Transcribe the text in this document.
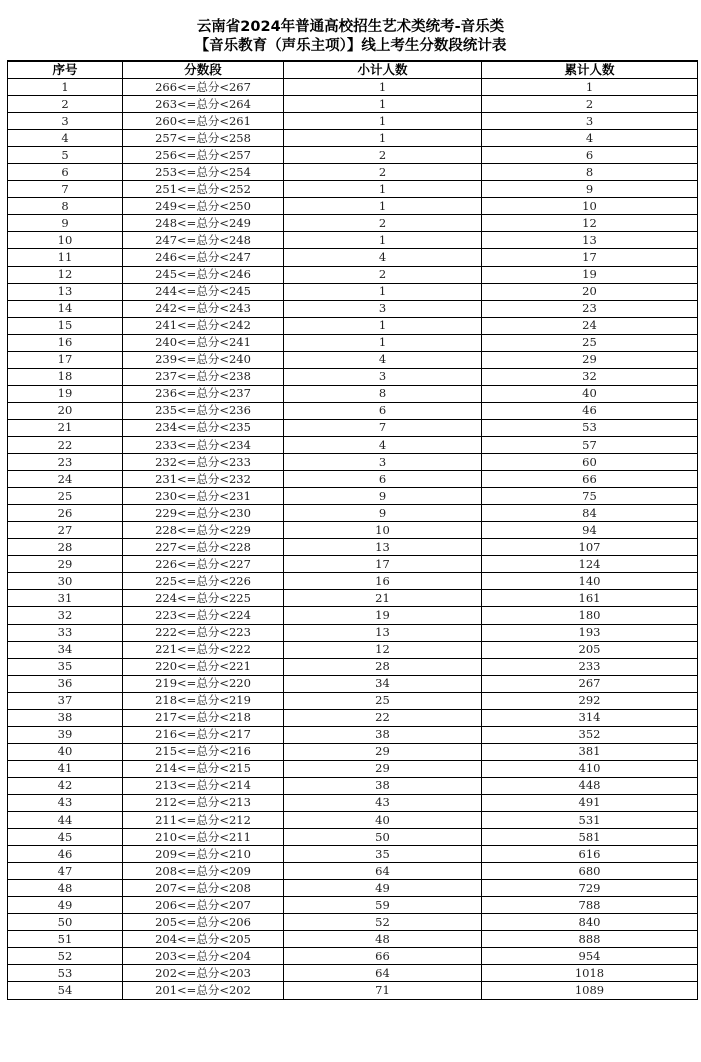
云南省2024年普通高校招生艺术类统考-音乐类
【音乐教育（声乐主项）】线上考生分数段统计表
序号	分数段	小计人数	累计人数
1	266<=总分<267	1	1
2	263<=总分<264	1	2
3	260<=总分<261	1	3
4	257<=总分<258	1	4
5	256<=总分<257	2	6
6	253<=总分<254	2	8
7	251<=总分<252	1	9
8	249<=总分<250	1	10
9	248<=总分<249	2	12
10	247<=总分<248	1	13
11	246<=总分<247	4	17
12	245<=总分<246	2	19
13	244<=总分<245	1	20
14	242<=总分<243	3	23
15	241<=总分<242	1	24
16	240<=总分<241	1	25
17	239<=总分<240	4	29
18	237<=总分<238	3	32
19	236<=总分<237	8	40
20	235<=总分<236	6	46
21	234<=总分<235	7	53
22	233<=总分<234	4	57
23	232<=总分<233	3	60
24	231<=总分<232	6	66
25	230<=总分<231	9	75
26	229<=总分<230	9	84
27	228<=总分<229	10	94
28	227<=总分<228	13	107
29	226<=总分<227	17	124
30	225<=总分<226	16	140
31	224<=总分<225	21	161
32	223<=总分<224	19	180
33	222<=总分<223	13	193
34	221<=总分<222	12	205
35	220<=总分<221	28	233
36	219<=总分<220	34	267
37	218<=总分<219	25	292
38	217<=总分<218	22	314
39	216<=总分<217	38	352
40	215<=总分<216	29	381
41	214<=总分<215	29	410
42	213<=总分<214	38	448
43	212<=总分<213	43	491
44	211<=总分<212	40	531
45	210<=总分<211	50	581
46	209<=总分<210	35	616
47	208<=总分<209	64	680
48	207<=总分<208	49	729
49	206<=总分<207	59	788
50	205<=总分<206	52	840
51	204<=总分<205	48	888
52	203<=总分<204	66	954
53	202<=总分<203	64	1018
54	201<=总分<202	71	1089
